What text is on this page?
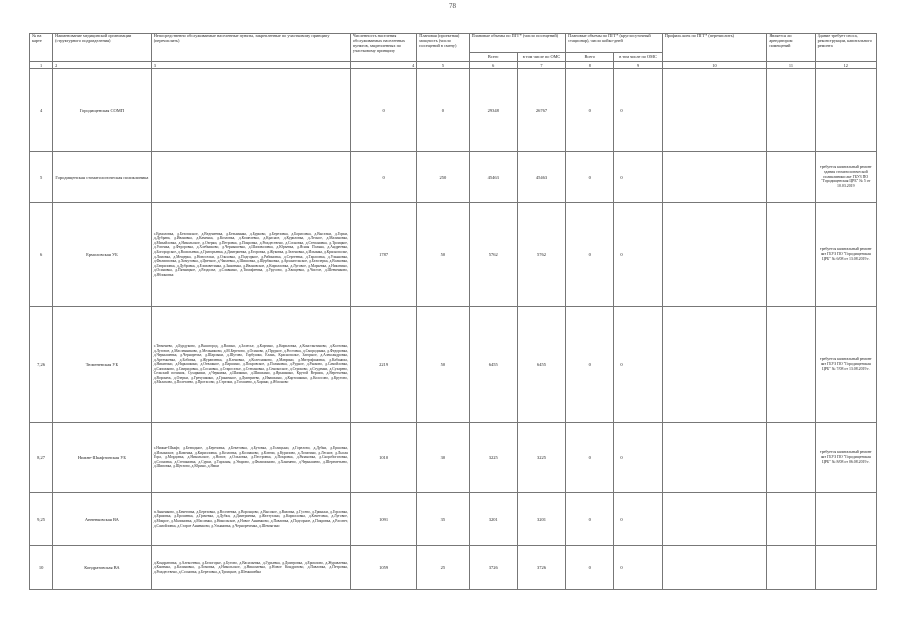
78
№ на карте	Наименование медицинской организации (структурного подразделения)	Непосредственно обслуживаемые населенные пункты, закрепленные по участковому принципу (перечислить)	Численность населения обслуживаемых населенных пунктов, закрепленных по участковому принципу	Плановая (проектная) мощность (число посещений в смену)	Плановые объемы по ПГГ* (число посещений)		Плановые объемы по ПГГ* (круглосуточный стационар), число койко-дней		Профиль коек по ПГГ* (перечислить)	Является ли арендатором помещений	Здание требует сноса, реконструкции, капитального ремонта
					Всего	в том числе по ОМС	Всего	в том числе по ОМС			
1	2	3	4	5	6	7	8	9	10	11	12
4	Городищенская СОМП		0	0	29348	26767	0	0			
5	Городищенская стоматологическая поликлиника		0	250	45463	45463	0	0			требуется капитальный ремонт здания стоматологической поликлиники акт ГБУЗ ПО "Городищенская ЦРБ" № 5 от 10.03.2019
6	Ермоловская УБ	с.Ермоловка, д.Безопасное, д.Веденеевка, д.Безымянка, д.Бурково, д.Березовка, д.Борисовка, д.Выселки, д.Горки, д.Дубрава, д.Ивановка, д.Каменка, д.Козловка, д.Кошелевка, д.Красное, д.Куриловка, д.Лесное, д.Малиновка, д.Михайловка, д.Никольское, д.Озерки, д.Петровка, д.Покровка, д.Рождествено, д.Сосновка, д.Степановка, д.Троицкое, д.Успенка, д.Федоровка, д.Хлебниково, д.Чернышевка, д.Шаповаловка, д.Юрьевка, д.Ясная Поляна, д.Андреевка, д.Богородское, д.Васильевка, д.Григорьевка, д.Дмитриевка, д.Егоровка, д.Жуковка, д.Зеленовка, д.Ильинка, д.Краснополье, д.Ломовка, д.Мещерка, д.Новоселки, д.Ольховка, д.Подгорное, д.Рябиновка, д.Сергеевка, д.Тарасовка, д.Ульяновка, д.Филипповка, д.Хомутовка, д.Цветное, д.Чапаевка, д.Шишовка, д.Щербаковка, д.Архангельское, д.Белозерка, д.Волковка, д.Гавриловка, д.Дубровка, д.Елизаветинка, д.Знаменка, д.Ивановское, д.Кирилловка, д.Луговое, д.Марьевка, д.Никитино, д.Осиновка, д.Пятницкое, д.Раздолье, д.Славкино, д.Тимофеевка, д.Урусово, д.Хвощевка, д.Чистое, д.Шевченково, д.Яблоновка	1787	50	5762	5762	0	0			требуется капитальный ремонт акт ГБУЗ ПО "Городищенская ЦРБ" № 6/08 от 13.08.2019 г.
7,26	Тюменевская УБ	с.Тюменево, д.Бурдуково, д.Вышгород, д.Васино, д.Залесье, д.Каргино, д.Кириловка, д.Константиново, д.Колтовка, д.Луговое, д.Масленниково, д.Мельниково, д.М.Березово, д.Осиново, д.Прудное, д.Ростовка, д.Смородинка, д.Федоровка, д.Чернышевка, д.Черноречье, д.Шарлыки, д.Шутово, Горбушки, Елань, Краснополье, Загорное, д.Александровка, д.Артемьевка, д.Бобовка, д.Журавлевка, д.Кленовка, д.Колесниково, д.Маврино, д.Митрофановка, д.Кабаниха, д.Никитино, д.Нарышкино, д.Отважное, д.Паршино, д.Покровское, д.Поляковка, д.Рудное, д.Рыжово, д.Самойловка, д.Сапожково, д.Свиридовка, д.Сосновка, д.Староселье, д.Степановка, д.Сенокосное, д.Строково, д.Студенки, д.Сухарево, Сельский починок, Сухарники, д.Чернявка, д.Шапкино, д.Шишкино, д.Ярышкино, Крутой Вершок, д.Веретьевка, д.Воронеж, д.Озерки, д.Гречушкино, д.Граничное, д.Дмитриево, д.Ивашкино, д.Картошкино, д.Колосово, д.Крутово, д.Малахово, д.Полетаево, д.Протасово, д.Стрелки, д.Тогашево, д.Харино, д.Яблоново	2219	50	6455	6455	0	0			требуется капитальный ремонт акт ГБУЗ ПО "Городищенская ЦРБ" № 7/08 от 13.08.2019 г.
8,27	Нижне-Шкафтинская УБ	с.Нижне-Шкафт, д.Безводное, д.Березовка, д.Бекетовка, д.Бутовка, д.Голицыно, д.Горелово, д.Дубки, д.Ершовка, д.Ильинское, д.Каменка, д.Кирилловка, д.Козловка, д.Колпаково, д.Ключи, д.Курилово, д.Лопатино, д.Лесное, д.Лысая Гора, д.Мордовка, д.Никольское, д.Новое, д.Ольховка, д.Пестровка, д.Покровка, д.Рязановка, д.Скоробогатовка, д.Сосновка, д.Степановка, д.Сурки, д.Тарханы, д.Уварово, д.Филимоново, д.Ханенево, д.Чернышево, д.Шереметьево, д.Шиповка, д.Щеглово, д.Юрино, д.Ямки	1010	30	3225	3225	0	0			требуется капитальный ремонт акт ГБУЗ ПО "Городищенская ЦРБ" № 8/08 от 06.08.2019 г.
9,25	Анненковская ВА	п.Анненково, д.Бекетовка, д.Березовка, д.Волчеевка, д.Воронцово, д.Высокое, д.Вязовка, д.Гусево, д.Гриньки, д.Горловка, д.Ершовка, д.Ерошевка, д.Грачевка, д.Дубки, д.Дмитриевка, д.Желтухино, д.Кирилловка, д.Кочетовка, д.Луговое, д.Мокрое, д.Малиновка, д.Масленка, д.Никольское, д.Новое Анненково, д.Павловка, д.Подгорное, д.Покровка, д.Рассвет, д.Самойловка, д.Старое Анненково, д.Ульяновка, д.Чернореченка, д.Шевлягино	1091	35	3201	3201	0	0			
10	Кондратовская ВА	д.Кондратовка, д.Алексеевка, д.Белогорье, д.Бутово, д.Васильевка, д.Гурьевка, д.Дмитровка, д.Ермолово, д.Журавлевка, д.Каменка, д.Калиновка, д.Ломовка, д.Никольское, д.Николаевка, д.Новое Кондратово, д.Павловка, д.Петровка, д.Рождествено, д.Сосновка, д.Березовка, д.Троицкое, д.Шемышейка	1059	25	3726	3726	0	0			
